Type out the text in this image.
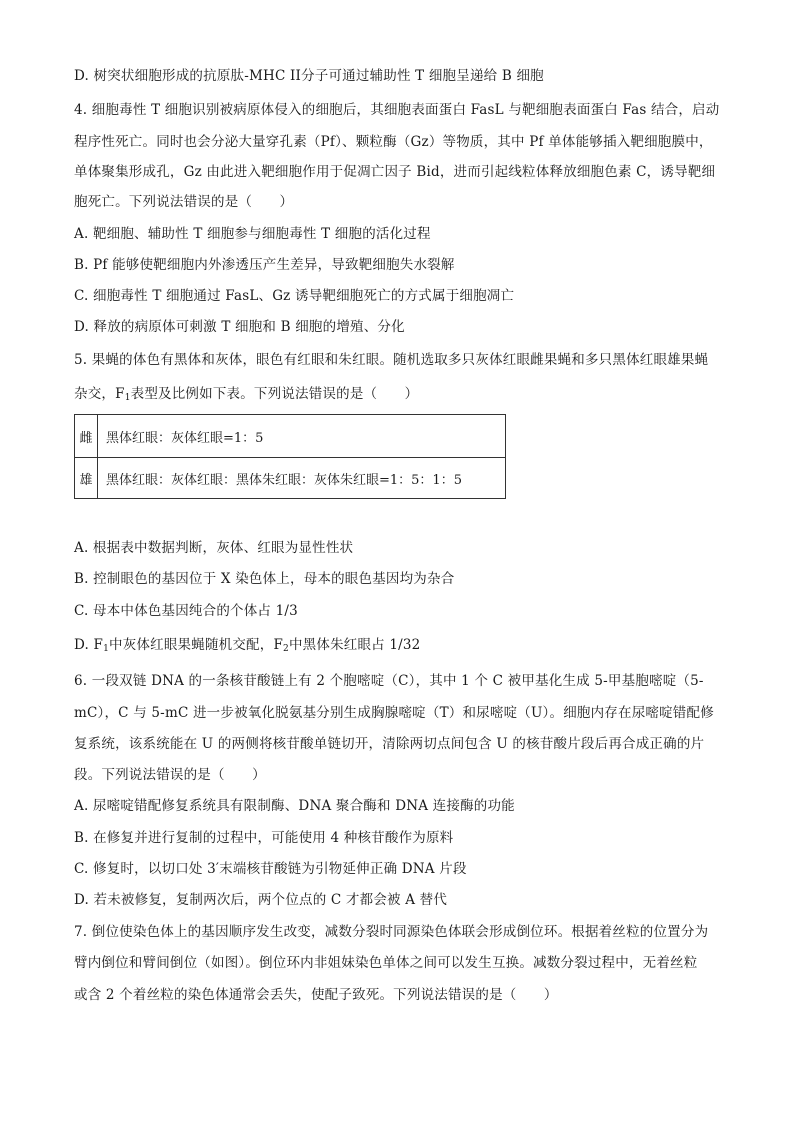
D. 树突状细胞形成的抗原肽-MHC II分子可通过辅助性 T 细胞呈递给 B 细胞
4. 细胞毒性 T 细胞识别被病原体侵入的细胞后，其细胞表面蛋白 FasL 与靶细胞表面蛋白 Fas 结合，启动
程序性死亡。同时也会分泌大量穿孔素（Pf）、颗粒酶（Gz）等物质，其中 Pf 单体能够插入靶细胞膜中，
单体聚集形成孔，Gz 由此进入靶细胞作用于促凋亡因子 Bid，进而引起线粒体释放细胞色素 C，诱导靶细
胞死亡。下列说法错误的是（　　）
A. 靶细胞、辅助性 T 细胞参与细胞毒性 T 细胞的活化过程
B. Pf 能够使靶细胞内外渗透压产生差异，导致靶细胞失水裂解
C. 细胞毒性 T 细胞通过 FasL、Gz 诱导靶细胞死亡的方式属于细胞凋亡
D. 释放的病原体可刺激 T 细胞和 B 细胞的增殖、分化
5. 果蝇的体色有黑体和灰体，眼色有红眼和朱红眼。随机选取多只灰体红眼雌果蝇和多只黑体红眼雄果蝇
杂交，$F_1$表型及比例如下表。下列说法错误的是（　　）
雌	黑体红眼：灰体红眼=1：5
雄	黑体红眼：灰体红眼：黑体朱红眼：灰体朱红眼=1：5：1：5
A. 根据表中数据判断，灰体、红眼为显性性状
B. 控制眼色的基因位于 X 染色体上，母本的眼色基因均为杂合
C. 母本中体色基因纯合的个体占 1/3
D. $F_1$中灰体红眼果蝇随机交配，$F_2$中黑体朱红眼占 1/32
6. 一段双链 DNA 的一条核苷酸链上有 2 个胞嘧啶（C），其中 1 个 C 被甲基化生成 5-甲基胞嘧啶（5-
mC），C 与 5-mC 进一步被氧化脱氨基分别生成胸腺嘧啶（T）和尿嘧啶（U）。细胞内存在尿嘧啶错配修
复系统，该系统能在 U 的两侧将核苷酸单链切开，清除两切点间包含 U 的核苷酸片段后再合成正确的片
段。下列说法错误的是（　　）
A. 尿嘧啶错配修复系统具有限制酶、DNA 聚合酶和 DNA 连接酶的功能
B. 在修复并进行复制的过程中，可能使用 4 种核苷酸作为原料
C. 修复时，以切口处 3′末端核苷酸链为引物延伸正确 DNA 片段
D. 若未被修复，复制两次后，两个位点的 C 才都会被 A 替代
7. 倒位使染色体上的基因顺序发生改变，减数分裂时同源染色体联会形成倒位环。根据着丝粒的位置分为
臂内倒位和臂间倒位（如图）。倒位环内非姐妹染色单体之间可以发生互换。减数分裂过程中，无着丝粒
或含 2 个着丝粒的染色体通常会丢失，使配子致死。下列说法错误的是（　　）
